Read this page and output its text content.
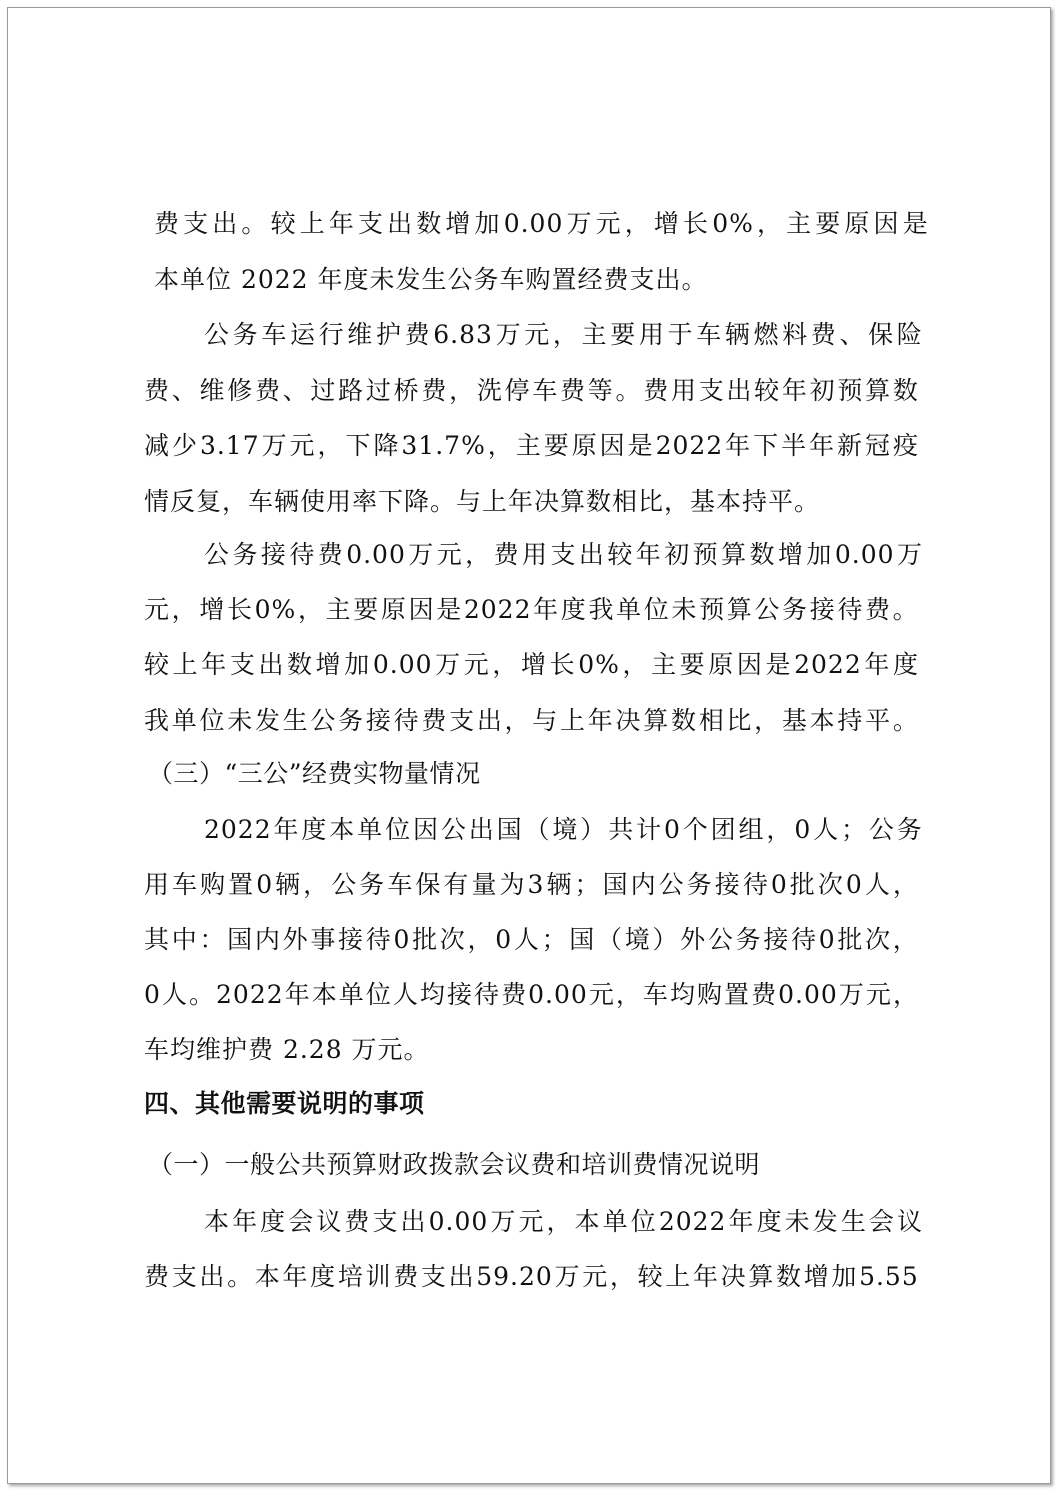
费 支 出 。 较 上 年 支 出 数 增 加 0.00 万 元 ， 增 长 0% ， 主 要 原 因 是
本单位 2022 年度未发生公务车购置经费支出。
公 务 车 运 行 维 护 费 6.83 万 元 ， 主 要 用 于 车 辆 燃 料 费 、 保 险
费 、 维 修 费 、 过 路 过 桥 费 ， 洗 停 车 费 等 。 费 用 支 出 较 年 初 预 算 数
减 少 3.17 万 元 ， 下 降 31.7% ， 主 要 原 因 是 2022 年 下 半 年 新 冠 疫
情反复，车辆使用率下降。与上年决算数相比，基本持平。
公 务 接 待 费 0.00 万 元 ， 费 用 支 出 较 年 初 预 算 数 增 加 0.00 万
元 ， 增 长 0% ， 主 要 原 因 是 2022 年 度 我 单 位 未 预 算 公 务 接 待 费 。
较 上 年 支 出 数 增 加 0.00 万 元 ， 增 长 0% ， 主 要 原 因 是 2022 年 度
我 单 位 未 发 生 公 务 接 待 费 支 出 ， 与 上 年 决 算 数 相 比 ， 基 本 持 平 。
（三）“三公”经费实物量情况
2022 年 度 本 单 位 因 公 出 国 （ 境 ） 共 计 0 个 团 组 ， 0 人 ； 公 务
用 车 购 置 0 辆 ， 公 务 车 保 有 量 为 3 辆 ； 国 内 公 务 接 待 0 批 次 0 人 ，
其 中 ： 国 内 外 事 接 待 0 批 次 ， 0 人 ； 国 （ 境 ） 外 公 务 接 待 0 批 次 ，
0 人 。 2022 年 本 单 位 人 均 接 待 费 0.00 元 ， 车 均 购 置 费 0.00 万 元 ，
车均维护费 2.28 万元。
四、其他需要说明的事项
（一）一般公共预算财政拨款会议费和培训费情况说明
本 年 度 会 议 费 支 出 0.00 万 元 ， 本 单 位 2022 年 度 未 发 生 会 议
费 支 出 。 本 年 度 培 训 费 支 出 59.20 万 元 ， 较 上 年 决 算 数 增 加 5.55
